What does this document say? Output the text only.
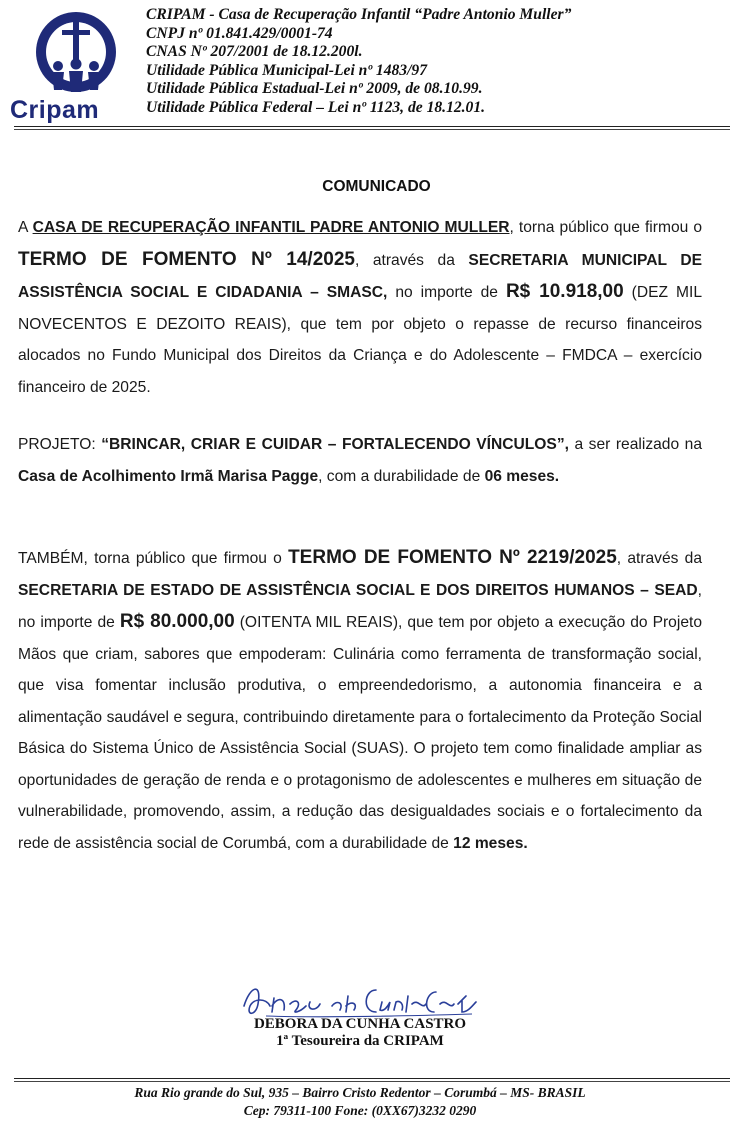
Cripam
CRIPAM - Casa de Recuperação Infantil “Padre Antonio Muller”
CNPJ nº 01.841.429/0001-74
CNAS Nº 207/2001 de 18.12.200l.
Utilidade Pública Municipal-Lei nº 1483/97
Utilidade Pública Estadual-Lei nº 2009, de 08.10.99.
Utilidade Pública Federal – Lei nº 1123, de 18.12.01.
COMUNICADO
A CASA DE RECUPERAÇÃO INFANTIL PADRE ANTONIO MULLER, torna público que firmou o TERMO DE FOMENTO Nº 14/2025, através da SECRETARIA MUNICIPAL DE ASSISTÊNCIA SOCIAL E CIDADANIA – SMASC, no importe de R$ 10.918,00 (DEZ MIL NOVECENTOS E DEZOITO REAIS), que tem por objeto o repasse de recurso financeiros alocados no Fundo Municipal dos Direitos da Criança e do Adolescente – FMDCA – exercício financeiro de 2025.
PROJETO: “BRINCAR, CRIAR E CUIDAR – FORTALECENDO VÍNCULOS”, a ser realizado na Casa de Acolhimento Irmã Marisa Pagge, com a durabilidade de 06 meses.
TAMBÉM, torna público que firmou o TERMO DE FOMENTO Nº 2219/2025, através da SECRETARIA DE ESTADO DE ASSISTÊNCIA SOCIAL E DOS DIREITOS HUMANOS – SEAD, no importe de R$ 80.000,00 (OITENTA MIL REAIS), que tem por objeto a execução do Projeto Mãos que criam, sabores que empoderam: Culinária como ferramenta de transformação social, que visa fomentar inclusão produtiva, o empreendedorismo, a autonomia financeira e a alimentação saudável e segura, contribuindo diretamente para o fortalecimento da Proteção Social Básica do Sistema Único de Assistência Social (SUAS). O projeto tem como finalidade ampliar as oportunidades de geração de renda e o protagonismo de adolescentes e mulheres em situação de vulnerabilidade, promovendo, assim, a redução das desigualdades sociais e o fortalecimento da rede de assistência social de Corumbá, com a durabilidade de 12 meses.
DEBORA DA CUNHA CASTRO
1ª Tesoureira da CRIPAM
Rua Rio grande do Sul, 935 – Bairro Cristo Redentor – Corumbá – MS- BRASIL
Cep: 79311-100 Fone: (0XX67)3232 0290
